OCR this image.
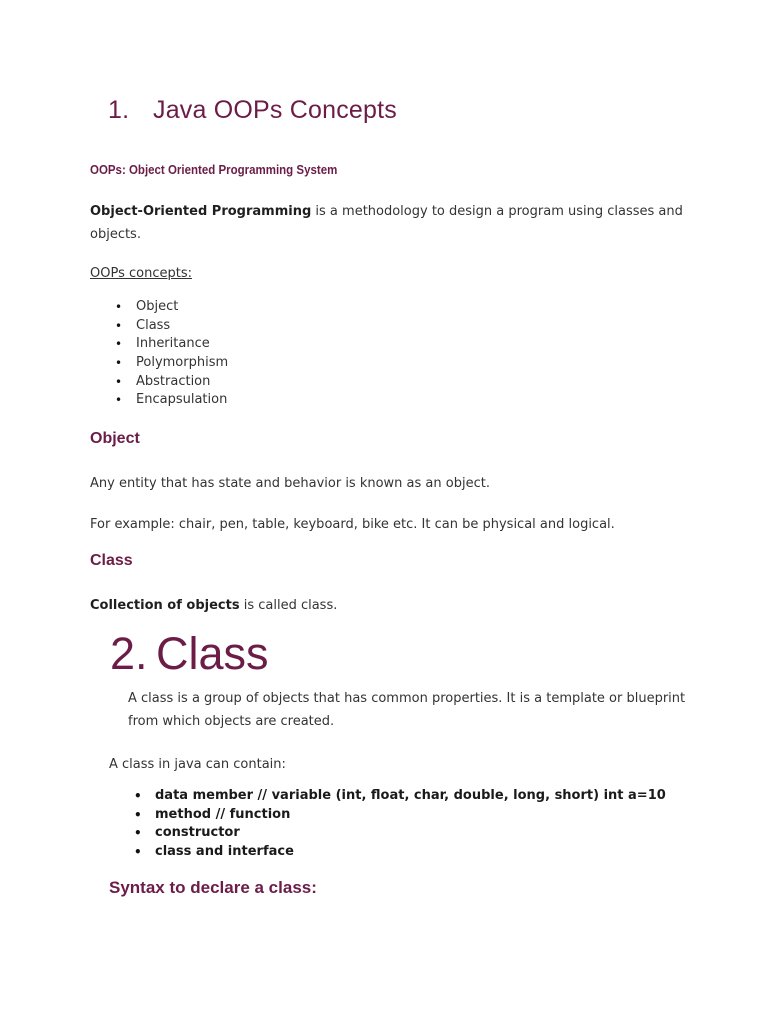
1. Java OOPs Concepts
OOPs: Object Oriented Programming System
Object-Oriented Programming is a methodology to design a program using classes and objects.
OOPs concepts:
• Object
• Class
• Inheritance
• Polymorphism
• Abstraction
• Encapsulation
Object
Any entity that has state and behavior is known as an object.
For example: chair, pen, table, keyboard, bike etc. It can be physical and logical.
Class
Collection of objects is called class.
2. Class
A class is a group of objects that has common properties. It is a template or blueprint from which objects are created.
A class in java can contain:
• data member // variable (int, float, char, double, long, short) int a=10
• method // function
• constructor
• class and interface
Syntax to declare a class:
